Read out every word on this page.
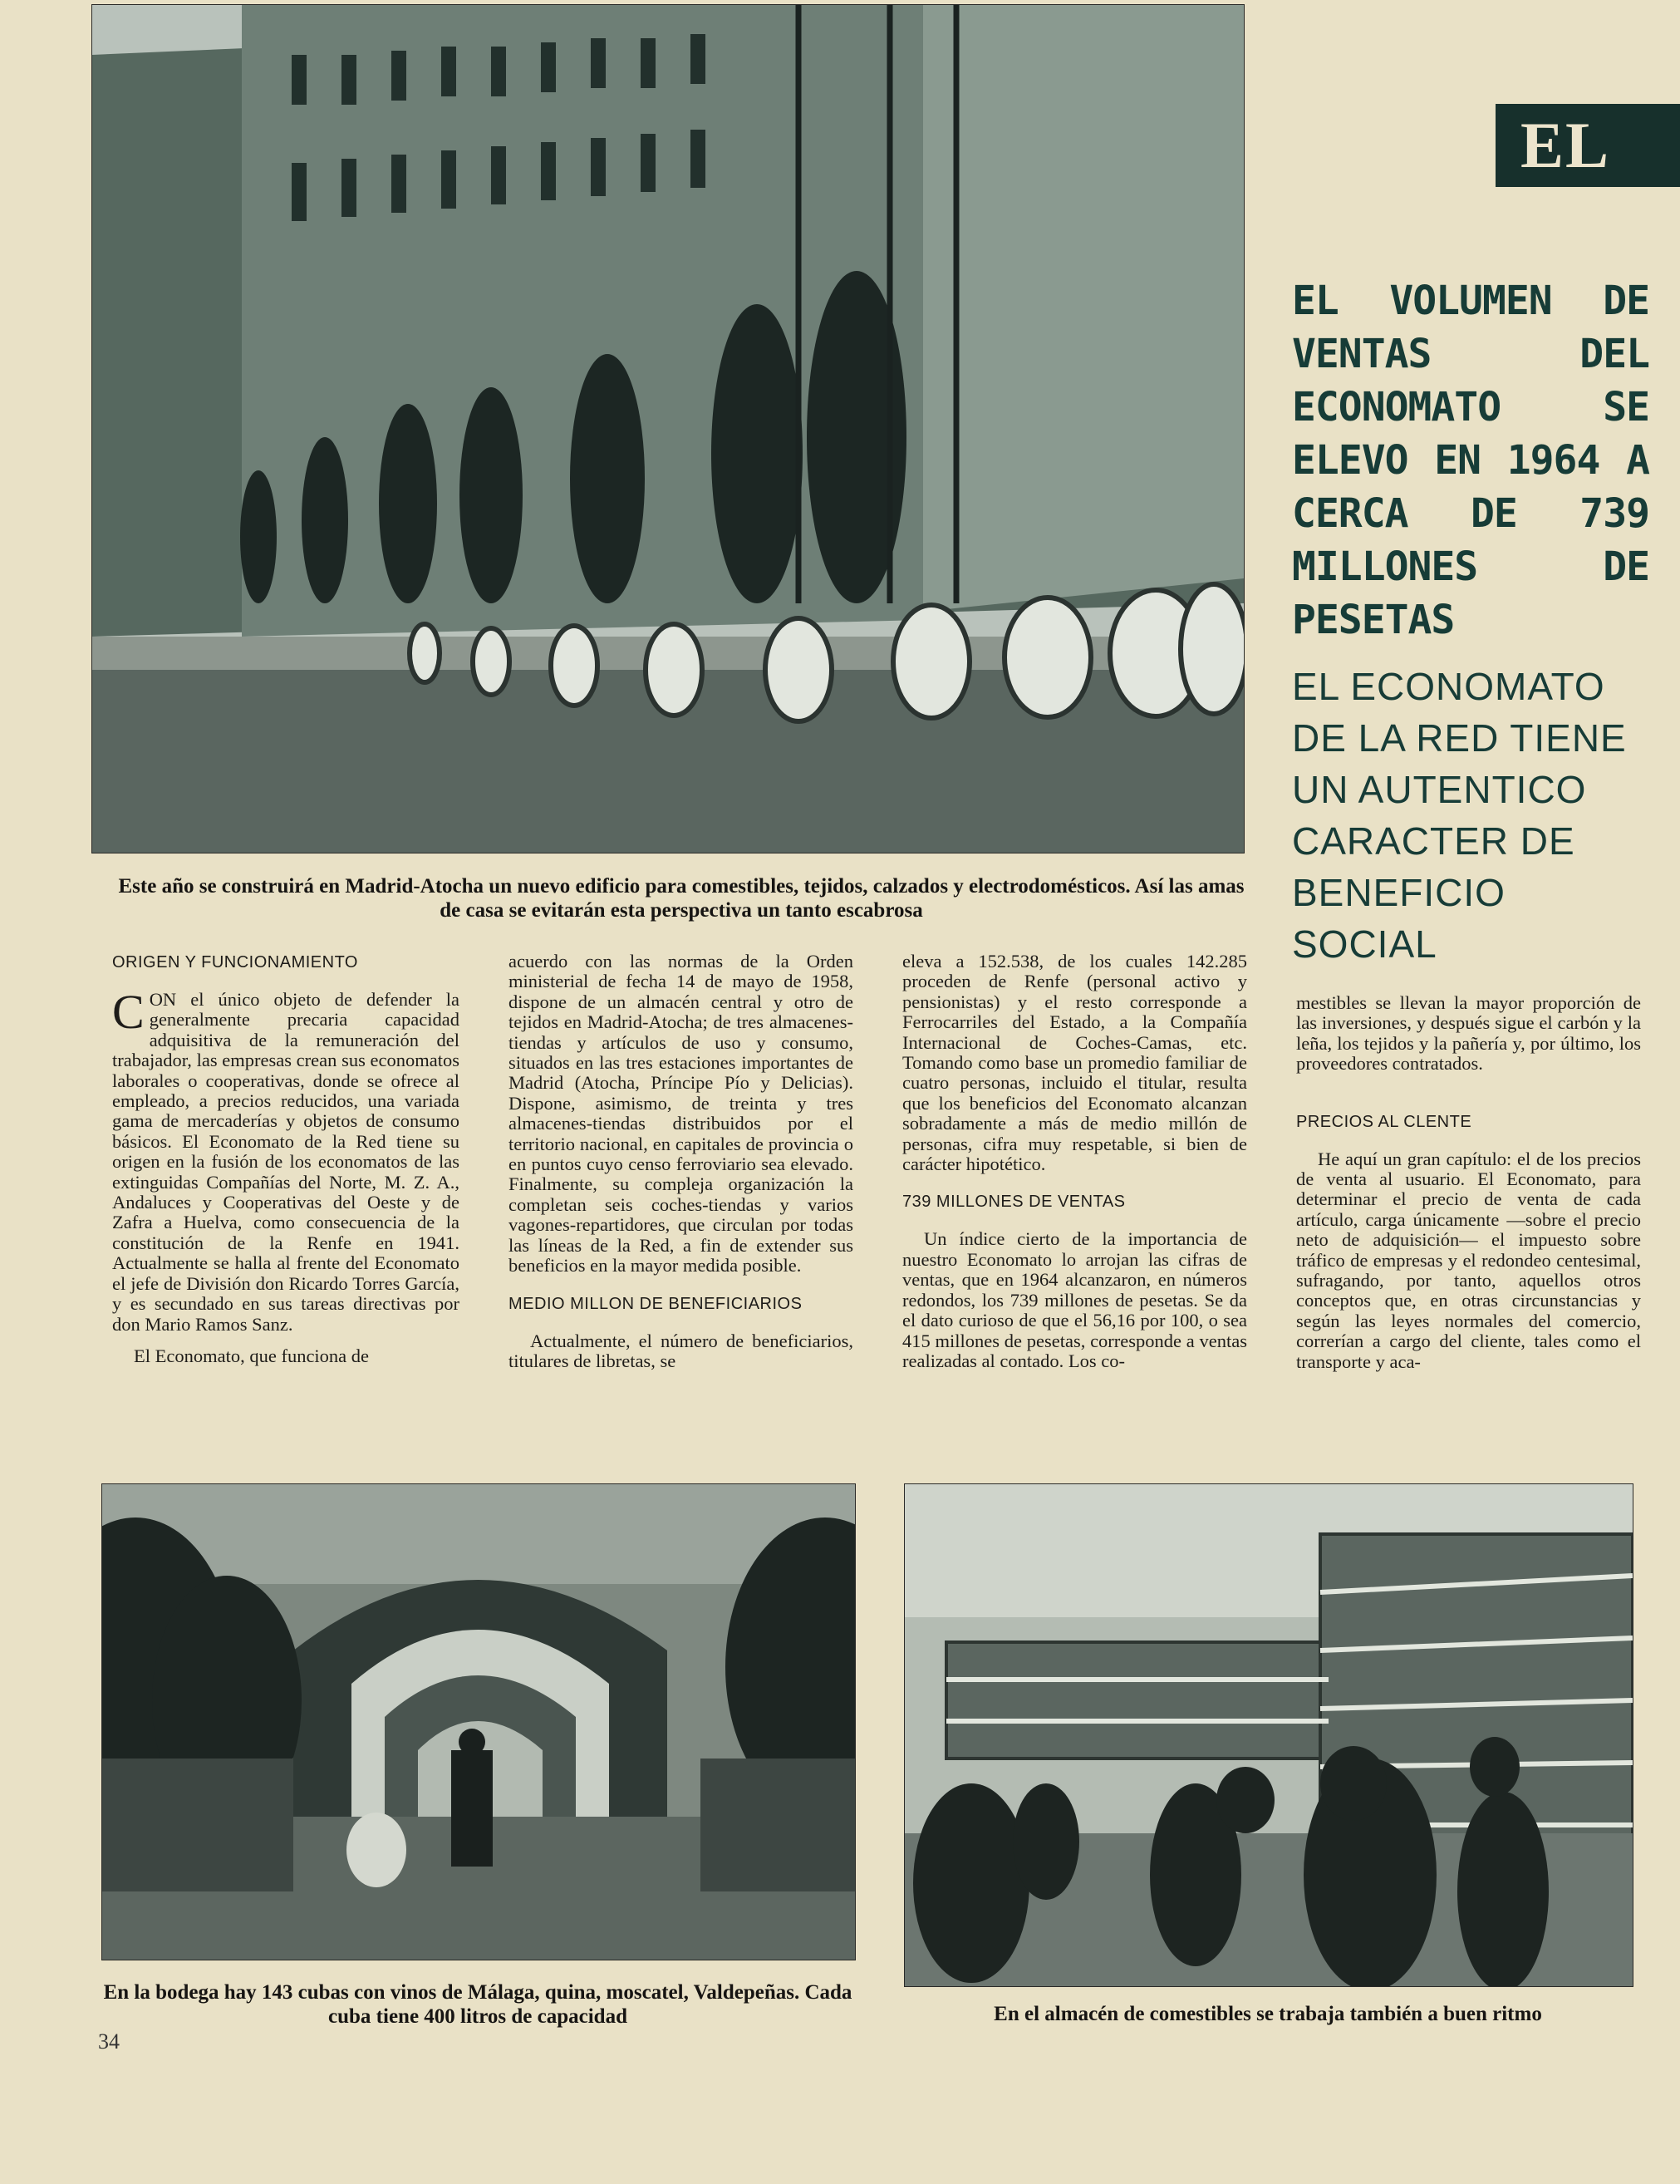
Este año se construirá en Madrid-Atocha un nuevo edificio para comestibles, tejidos, calzados y electrodomésticos. Así las amas de casa se evitarán esta perspectiva un tanto escabrosa
EL
EL VOLUMEN DE VENTAS DEL ECONOMATO SE ELEVO EN 1964 A CERCA DE 739 MILLONES DE PESETAS
EL ECONOMATO DE LA RED TIENE UN AUTENTICO CARACTER DE BENEFICIO SOCIAL
ORIGEN Y FUNCIONAMIENTO

CON el único objeto de defender la generalmente precaria capacidad adquisitiva de la remuneración del trabajador, las empresas crean sus economatos laborales o cooperativas, donde se ofrece al empleado, a precios reducidos, una variada gama de mercaderías y objetos de consumo básicos. El Economato de la Red tiene su origen en la fusión de los economatos de las extinguidas Compañías del Norte, M. Z. A., Andaluces y Cooperativas del Oeste y de Zafra a Huelva, como consecuencia de la constitución de la Renfe en 1941. Actualmente se halla al frente del Economato el jefe de División don Ricardo Torres García, y es secundado en sus tareas directivas por don Mario Ramos Sanz.

El Economato, que funciona de

acuerdo con las normas de la Orden ministerial de fecha 14 de mayo de 1958, dispone de un almacén central y otro de tejidos en Madrid-Atocha; de tres almacenes-tiendas y artículos de uso y consumo, situados en las tres estaciones importantes de Madrid (Atocha, Príncipe Pío y Delicias). Dispone, asimismo, de treinta y tres almacenes-tiendas distribuidos por el territorio nacional, en capitales de provincia o en puntos cuyo censo ferroviario sea elevado. Finalmente, su compleja organización la completan seis coches-tiendas y varios vagones-repartidores, que circulan por todas las líneas de la Red, a fin de extender sus beneficios en la mayor medida posible.

MEDIO MILLON DE BENEFICIARIOS

Actualmente, el número de beneficiarios, titulares de libretas, se

eleva a 152.538, de los cuales 142.285 proceden de Renfe (personal activo y pensionistas) y el resto corresponde a Ferrocarriles del Estado, a la Compañía Internacional de Coches-Camas, etc. Tomando como base un promedio familiar de cuatro personas, incluido el titular, resulta que los beneficios del Economato alcanzan sobradamente a más de medio millón de personas, cifra muy respetable, si bien de carácter hipotético.

739 MILLONES DE VENTAS

Un índice cierto de la importancia de nuestro Economato lo arrojan las cifras de ventas, que en 1964 alcanzaron, en números redondos, los 739 millones de pesetas. Se da el dato curioso de que el 56,16 por 100, o sea 415 millones de pesetas, corresponde a ventas realizadas al contado. Los co-

mestibles se llevan la mayor proporción de las inversiones, y después sigue el carbón y la leña, los tejidos y la pañería y, por último, los proveedores contratados.

PRECIOS AL CLENTE

He aquí un gran capítulo: el de los precios de venta al usuario. El Economato, para determinar el precio de venta de cada artículo, carga únicamente —sobre el precio neto de adquisición— el impuesto sobre tráfico de empresas y el redondeo centesimal, sufragando, por tanto, aquellos otros conceptos que, en otras circunstancias y según las leyes normales del comercio, correrían a cargo del cliente, tales como el transporte y aca-

En la bodega hay 143 cubas con vinos de Málaga, quina, moscatel, Valdepeñas. Cada cuba tiene 400 litros de capacidad	En el almacén de comestibles se trabaja también a buen ritmo
34
